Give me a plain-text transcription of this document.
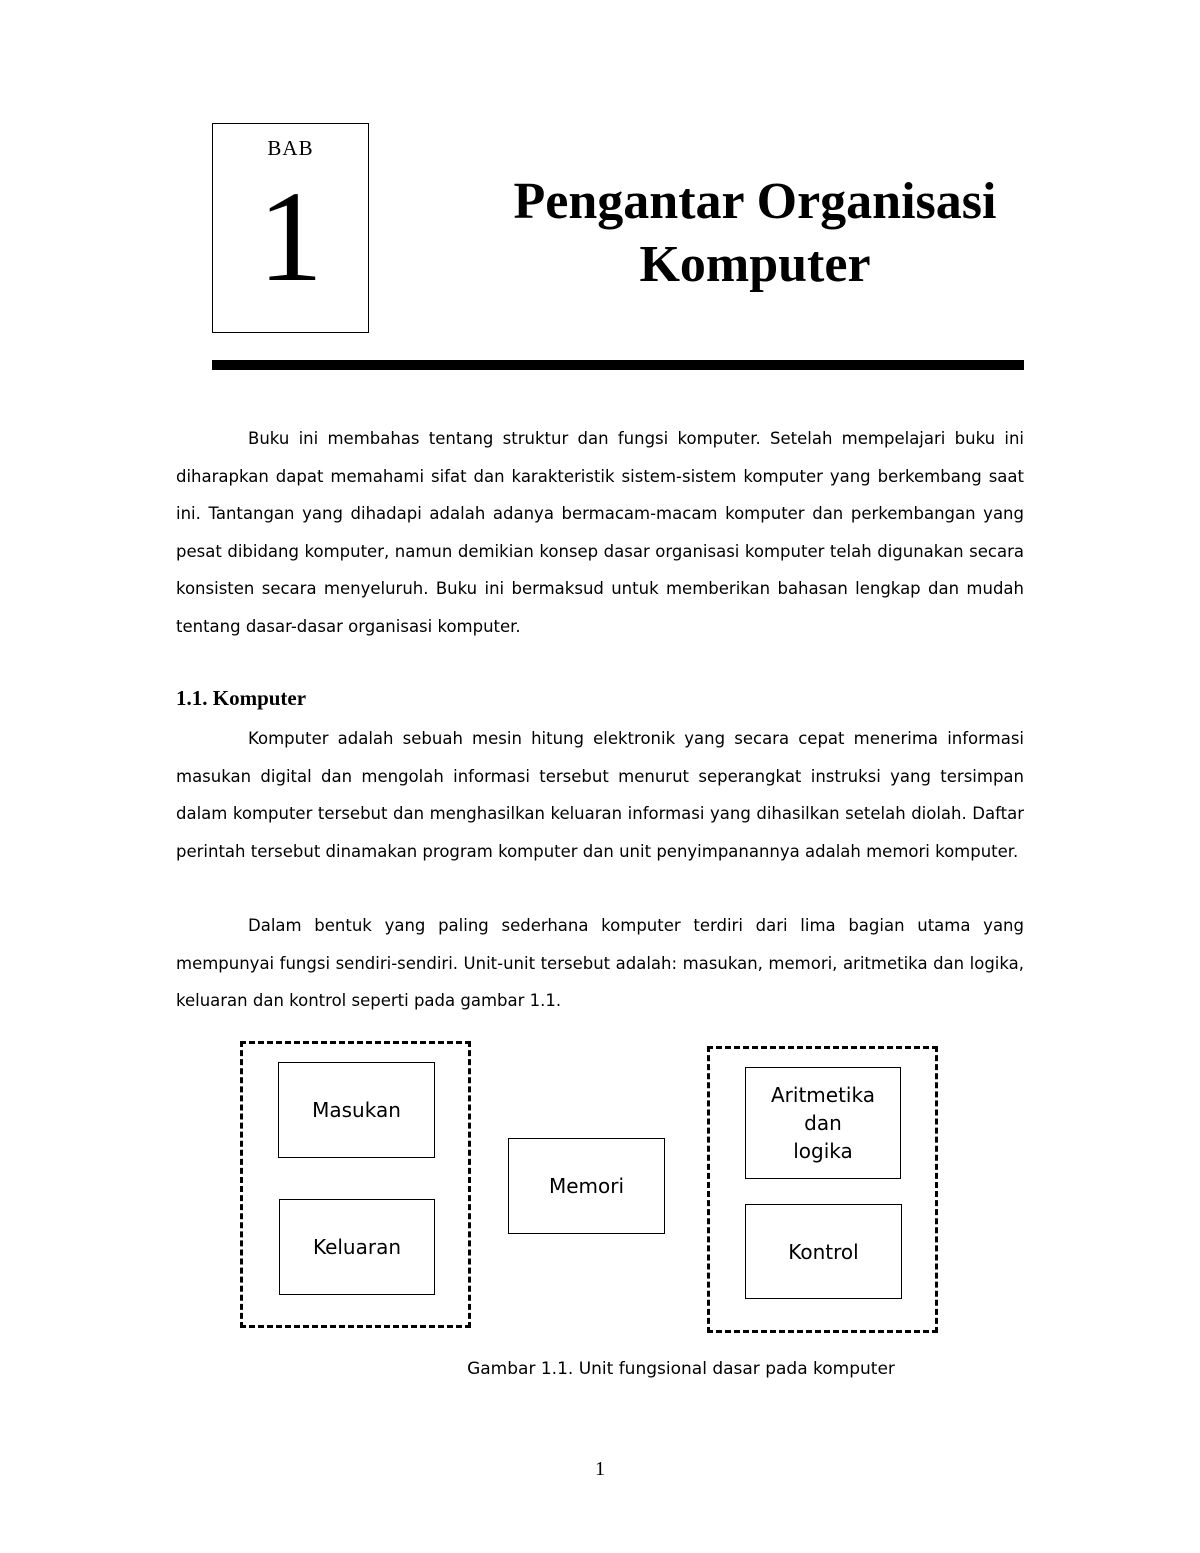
BAB
1	Pengantar Organisasi
Komputer

Buku ini membahas tentang struktur dan fungsi komputer. Setelah mempelajari buku ini diharapkan dapat memahami sifat dan karakteristik sistem-sistem komputer yang berkembang saat ini. Tantangan yang dihadapi adalah adanya bermacam-macam komputer dan perkembangan yang pesat dibidang komputer, namun demikian konsep dasar organisasi komputer telah digunakan secara konsisten secara menyeluruh. Buku ini bermaksud untuk memberikan bahasan lengkap dan mudah tentang dasar-dasar organisasi komputer.

1.1. Komputer

Komputer adalah sebuah mesin hitung elektronik yang secara cepat menerima informasi masukan digital dan mengolah informasi tersebut menurut seperangkat instruksi yang tersimpan dalam komputer tersebut dan menghasilkan keluaran informasi yang dihasilkan setelah diolah. Daftar perintah tersebut dinamakan program komputer dan unit penyimpanannya adalah memori komputer.

Dalam bentuk yang paling sederhana komputer terdiri dari lima bagian utama yang mempunyai fungsi sendiri-sendiri. Unit-unit tersebut adalah: masukan, memori, aritmetika dan logika, keluaran dan kontrol seperti pada gambar 1.1.

Masukan
Keluaran
Memori
Aritmetika
dan
logika
Kontrol

Gambar 1.1. Unit fungsional dasar pada komputer

1
